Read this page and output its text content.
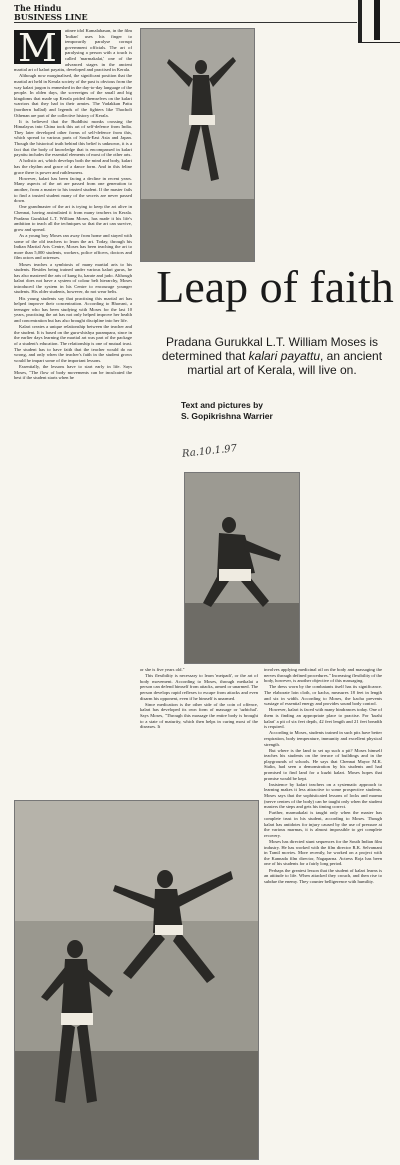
The Hindu
BUSINESS LINE
M	atinee idol Kamalahasan, in the film 'Indian' uses his finger to temporarily paralyse corrupt government officials. The art of paralysing a person with a touch is called 'marmakalai,' one of the advanced stages in the ancient martial art of kalari payattu, developed and practised in Kerala.

Although now marginalised, the significant position that the martial art held in Kerala society of the past is obvious from the way kalari jargon is enmeshed in the day-to-day language of the people. In olden days, the sovereigns of the small and big kingdoms that made up Kerala prided themselves on the kalari warriors that they had in their armies. The Vadakkan Pattu (northern ballad) and legends of the fighters like Thacholi Othenan are part of the collective history of Kerala.

It is believed that the Buddhist monks crossing the Himalayas into China took this art of self-defence from India. They later developed other forms of self-defence from this, which spread to various parts of South-East Asia and Japan. Though the historical truth behind this belief is unknown, it is a fact that the body of knowledge that is encompassed in kalari payattu includes the essential elements of most of the other arts.

A holistic art, which develops both the mind and body, kalari has the rhythm and grace of a dance form. And in this feline grace there is power and ruthlessness.

However, kalari has been facing a decline in recent years. Many aspects of the art are passed from one generation to another, from a master to his trusted student. If the master fails to find a trusted student many of the secrets are never passed down.

One grandmaster of the art is trying to keep the art alive in Chennai, having assimilated it from many teachers in Kerala. Pradana Gurukkal L.T. William Moses, has made it his life's ambition to teach all the techniques so that the art can survive, grow and spread.

As a young boy Moses ran away from home and stayed with some of the old teachers to learn the art. Today, through his Indian Martial Arts Centre, Moses has been teaching the art to more than 5,000 students, workers, police officers, doctors and film actors and actresses.

Moses teaches a symbiosis of many martial arts to his students. Besides being trained under various kalari gurus, he has also mastered the arts of kung fu, karate and judo. Although kalari does not have a system of colour belt hierarchy, Moses introduced the system in his Centre to encourage younger students. His older students, however, do not wear belts.

His young students say that practising this martial art has helped improve their concentration. According to Bhavani, a teenager who has been studying with Moses for the last 10 years, practising the art has not only helped improve her health and concentration but has also brought discipline into her life.

Kalari creates a unique relationship between the teacher and the student. It is based on the guru-shishya parampara, since in the earlier days learning the martial art was part of the package of a student's education. The relationship is one of mutual trust. The student has to have faith that the teacher would do no wrong, and only when the teacher's faith in the student grows would he impart some of the important lessons.

Essentially, the lessons have to start early in life. Says Moses, "The flow of body movements can be inculcated the best if the student starts when he

Leap of faith
Pradana Gurukkal L.T. William Moses is determined that kalari payattu, an ancient martial art of Kerala, will live on.
Text and pictures by
S. Gopikrishna Warrier
Ra.10.1.97

or she is five years old."

This flexibility is necessary to learn 'meipadi', or the art of body movement. According to Moses, through meikalai a person can defend himself from attacks, armed or unarmed. The person develops rapid reflexes to escape from attacks and even disarm his opponent, even if he himself is unarmed.

Since medication is the other side of the coin of offence, kalari has developed its own form of massage or 'uzhichal'. Says Moses, "Through this massage the entire body is brought to a state of maturity, which then helps in curing most of the diseases. It

involves applying medicinal oil on the body and massaging the nerves through defined procedures." Increasing flexibility of the body, however, is another objective of this massaging.

The dress worn by the combatants itself has its significance. The elaborate loin cloth, or kacha, measures 18 feet in length and six in width. According to Moses, the kacha prevents wastage of essential energy and provides sound body control.

However, kalari is faced with many hindrances today. One of them is finding an appropriate place to practise. For 'kuzhi kalari' a pit of six feet depth, 42 feet length and 21 feet breadth is required.

According to Moses, students trained in such pits have better respiration, body temperature, immunity and excellent physical strength.

But where is the land to set up such a pit? Moses himself teaches his students on the terrace of buildings and in the playgrounds of schools. He says that Chennai Mayor M.K. Stalin, had seen a demonstration by his students and had promised to find land for a kuzhi kalari. Moses hopes that promise would be kept.

Insistence by kalari teachers on a systematic approach to learning makes it less attractive to some prospective students. Moses says that the sophisticated lessons of locks and marma (nerve centres of the body) can be taught only when the student masters the steps and gets his timing correct.

Further, marmakalai is taught only when the master has complete trust in his student, according to Moses. Though kalari has antidotes for injury caused by the use of pressure at the various marmas, it is almost impossible to get complete recovery.

Moses has directed stunt sequences for the South Indian film industry. He has worked with the film director R.K. Selvamani in Tamil movies. More recently, he worked on a project with the Kannada film director, Nagaparna. Actress Roja has been one of his students for a fairly long period.

Perhaps the greatest lesson that the student of kalari learns is an attitude to life. When attacked they crouch, and then rise to subdue the enemy. They counter belligerence with humility.
